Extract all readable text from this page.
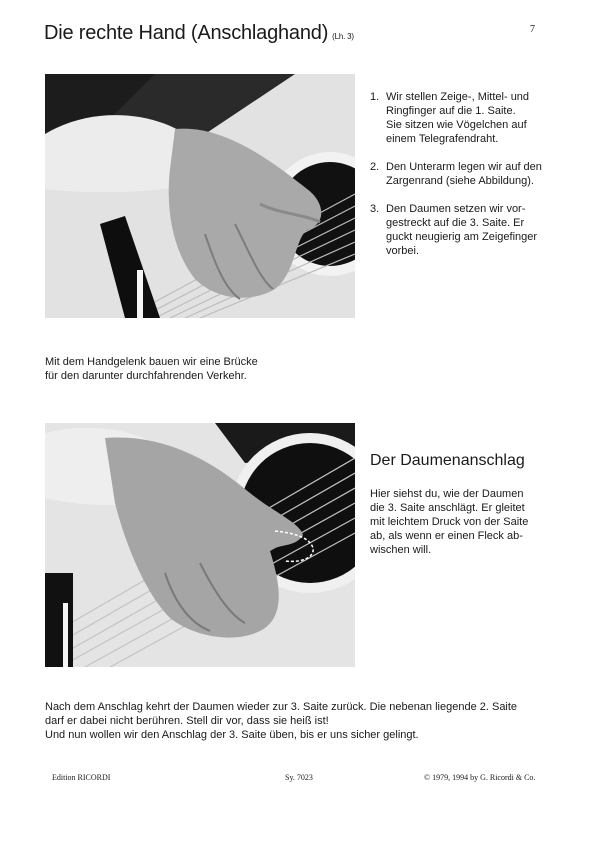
Die rechte Hand (Anschlaghand) (Lh. 3)
7
1. Wir stellen Zeige-, Mittel- und
Ringfinger auf die 1. Saite.
Sie sitzen wie Vögelchen auf
einem Telegrafendraht.
2. Den Unterarm legen wir auf den
Zargenrand (siehe Abbildung).
3. Den Daumen setzen wir vor-
gestreckt auf die 3. Saite. Er
guckt neugierig am Zeigefinger
vorbei.
Mit dem Handgelenk bauen wir eine Brücke
für den darunter durchfahrenden Verkehr.
Der Daumenanschlag
Hier siehst du, wie der Daumen
die 3. Saite anschlägt. Er gleitet
mit leichtem Druck von der Saite
ab, als wenn er einen Fleck ab-
wischen will.
Nach dem Anschlag kehrt der Daumen wieder zur 3. Saite zurück. Die nebenan liegende 2. Saite
darf er dabei nicht berühren. Stell dir vor, dass sie heiß ist!
Und nun wollen wir den Anschlag der 3. Saite üben, bis er uns sicher gelingt.
Edition RICORDI	Sy. 7023	© 1979, 1994 by G. Ricordi & Co.
